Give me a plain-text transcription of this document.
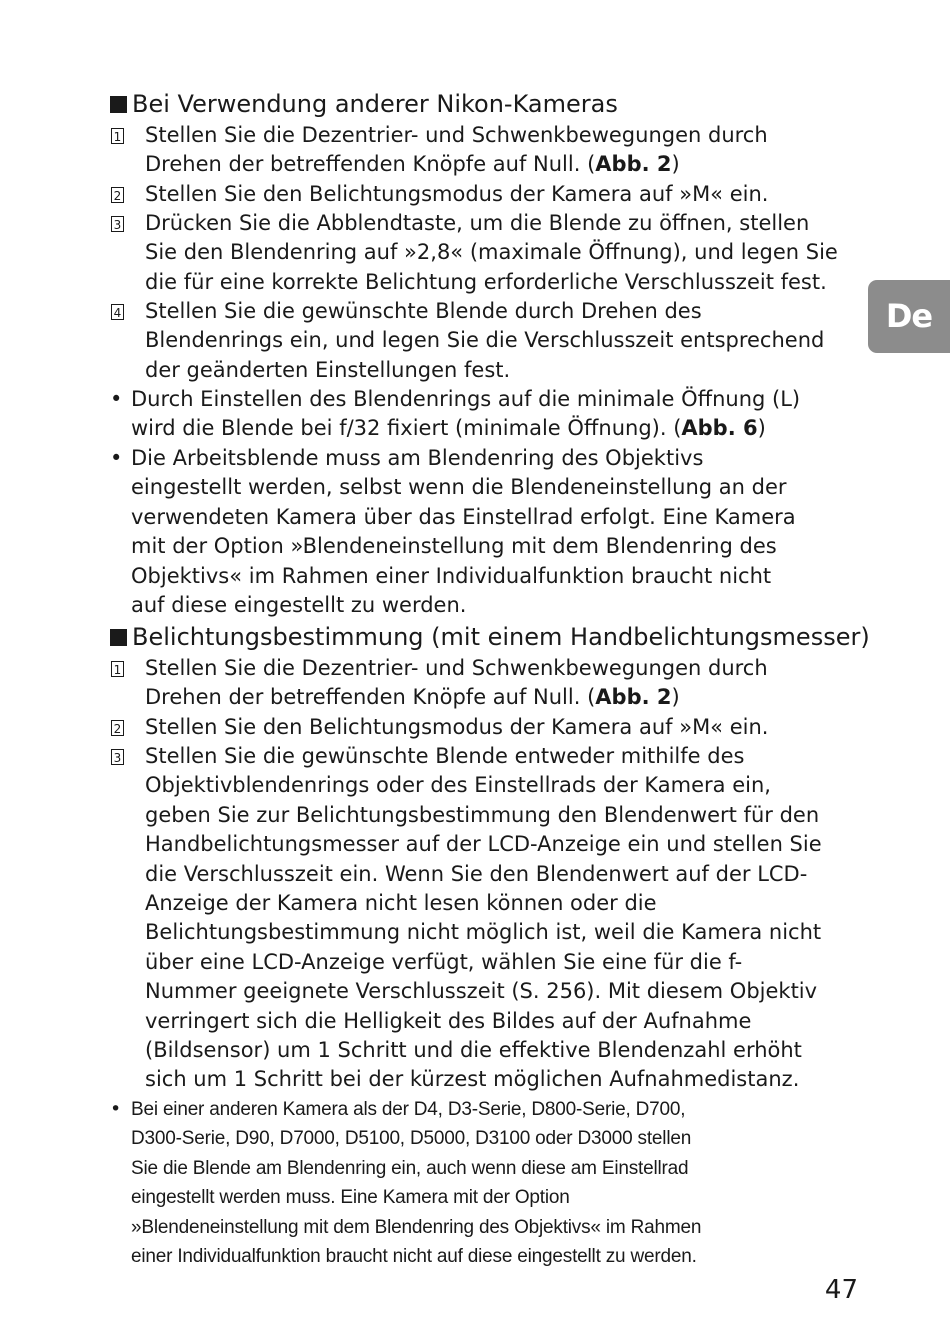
Bei Verwendung anderer Nikon-Kameras
1 Stellen Sie die Dezentrier- und Schwenkbewegungen durch
Drehen der betreffenden Knöpfe auf Null. (Abb. 2)
2 Stellen Sie den Belichtungsmodus der Kamera auf »M« ein.
3 Drücken Sie die Abblendtaste, um die Blende zu öffnen, stellen
Sie den Blendenring auf »2,8« (maximale Öffnung), und legen Sie
die für eine korrekte Belichtung erforderliche Verschlusszeit fest.
4 Stellen Sie die gewünschte Blende durch Drehen des
Blendenrings ein, und legen Sie die Verschlusszeit entsprechend
der geänderten Einstellungen fest.
• Durch Einstellen des Blendenrings auf die minimale Öffnung (L)
wird die Blende bei f/32 fixiert (minimale Öffnung). (Abb. 6)
• Die Arbeitsblende muss am Blendenring des Objektivs
eingestellt werden, selbst wenn die Blendeneinstellung an der
verwendeten Kamera über das Einstellrad erfolgt. Eine Kamera
mit der Option »Blendeneinstellung mit dem Blendenring des
Objektivs« im Rahmen einer Individualfunktion braucht nicht
auf diese eingestellt zu werden.
Belichtungsbestimmung (mit einem Handbelichtungsmesser)
1 Stellen Sie die Dezentrier- und Schwenkbewegungen durch
Drehen der betreffenden Knöpfe auf Null. (Abb. 2)
2 Stellen Sie den Belichtungsmodus der Kamera auf »M« ein.
3 Stellen Sie die gewünschte Blende entweder mithilfe des
Objektivblendenrings oder des Einstellrads der Kamera ein,
geben Sie zur Belichtungsbestimmung den Blendenwert für den
Handbelichtungsmesser auf der LCD-Anzeige ein und stellen Sie
die Verschlusszeit ein. Wenn Sie den Blendenwert auf der LCD-
Anzeige der Kamera nicht lesen können oder die
Belichtungsbestimmung nicht möglich ist, weil die Kamera nicht
über eine LCD-Anzeige verfügt, wählen Sie eine für die f-
Nummer geeignete Verschlusszeit (S. 256). Mit diesem Objektiv
verringert sich die Helligkeit des Bildes auf der Aufnahme
(Bildsensor) um 1 Schritt und die effektive Blendenzahl erhöht
sich um 1 Schritt bei der kürzest möglichen Aufnahmedistanz.
• Bei einer anderen Kamera als der D4, D3-Serie, D800-Serie, D700,
D300-Serie, D90, D7000, D5100, D5000, D3100 oder D3000 stellen
Sie die Blende am Blendenring ein, auch wenn diese am Einstellrad
eingestellt werden muss. Eine Kamera mit der Option
»Blendeneinstellung mit dem Blendenring des Objektivs« im Rahmen
einer Individualfunktion braucht nicht auf diese eingestellt zu werden.
De
47
